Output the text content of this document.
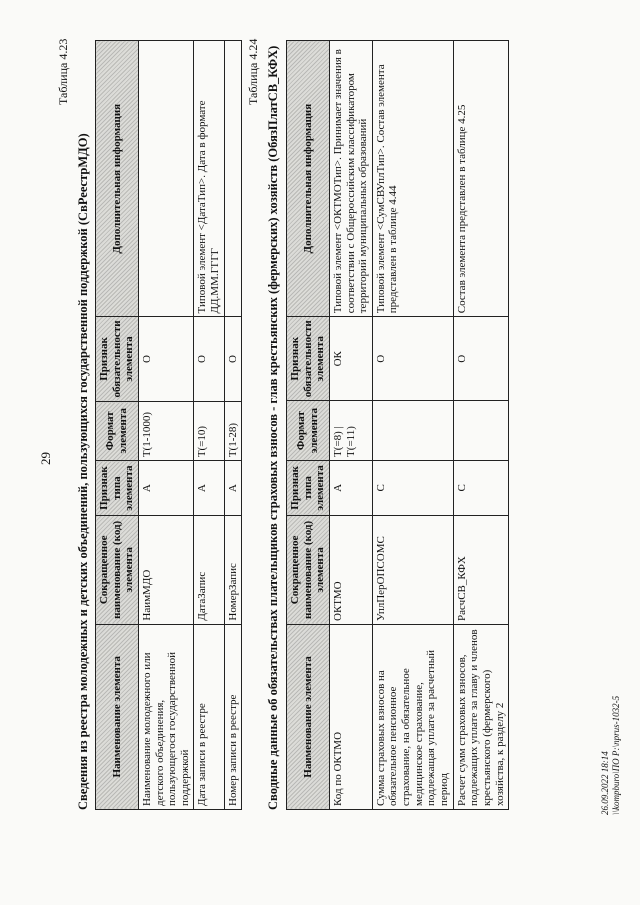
29
Таблица 4.23
Сведения из реестра молодежных и детских объединений, пользующихся государственной поддержкой (СвРеестрМДО) Наименование элемента	Сокращенное наименование (код) элемента	Признак типа элемента	Формат элемента	Признак обязательности элемента	Дополнительная информация
Наименование молодежного или детского объединения, пользующегося государственной поддержкой	НаимМДО	А	Т(1-1000)	О	
Дата записи в реестре	ДатаЗапис	А	Т(=10)	О	Типовой элемент <ДатаТип>. Дата в формате ДД.ММ.ГГГГ
Номер записи в реестре	НомерЗапис	А	Т(1-28)	О	
Таблица 4.24 Сводные данные об обязательствах плательщиков страховых взносов - глав крестьянских (фермерских) хозяйств (ОбязПлатСВ_КФХ) Наименование элемента	Сокращенное наименование (код) элемента	Признак типа элемента	Формат элемента	Признак обязательности элемента	Дополнительная информация
Код по ОКТМО	ОКТМО	А	T(=8) | T(=11)	ОК	Типовой элемент <ОКТМОТип>. Принимает значения в соответствии с Общероссийским классификатором территорий муниципальных образований
Сумма страховых взносов на обязательное пенсионное страхование, на обязательное медицинское страхование, подлежащая уплате за расчетный период	УплПерОПСОМС	С		О	Типовой элемент <СумСВУплТип>. Состав элемента представлен в таблице 4.44
Расчет сумм страховых взносов, подлежащих уплате за главу и членов крестьянского (фермерского) хозяйства, к разделу 2	РасчСВ_КФХ	С		О	Состав элемента представлен в таблице 4.25
26.09.2022 18:14 \\kompburo\ПО Р:\nprus-1032-5
